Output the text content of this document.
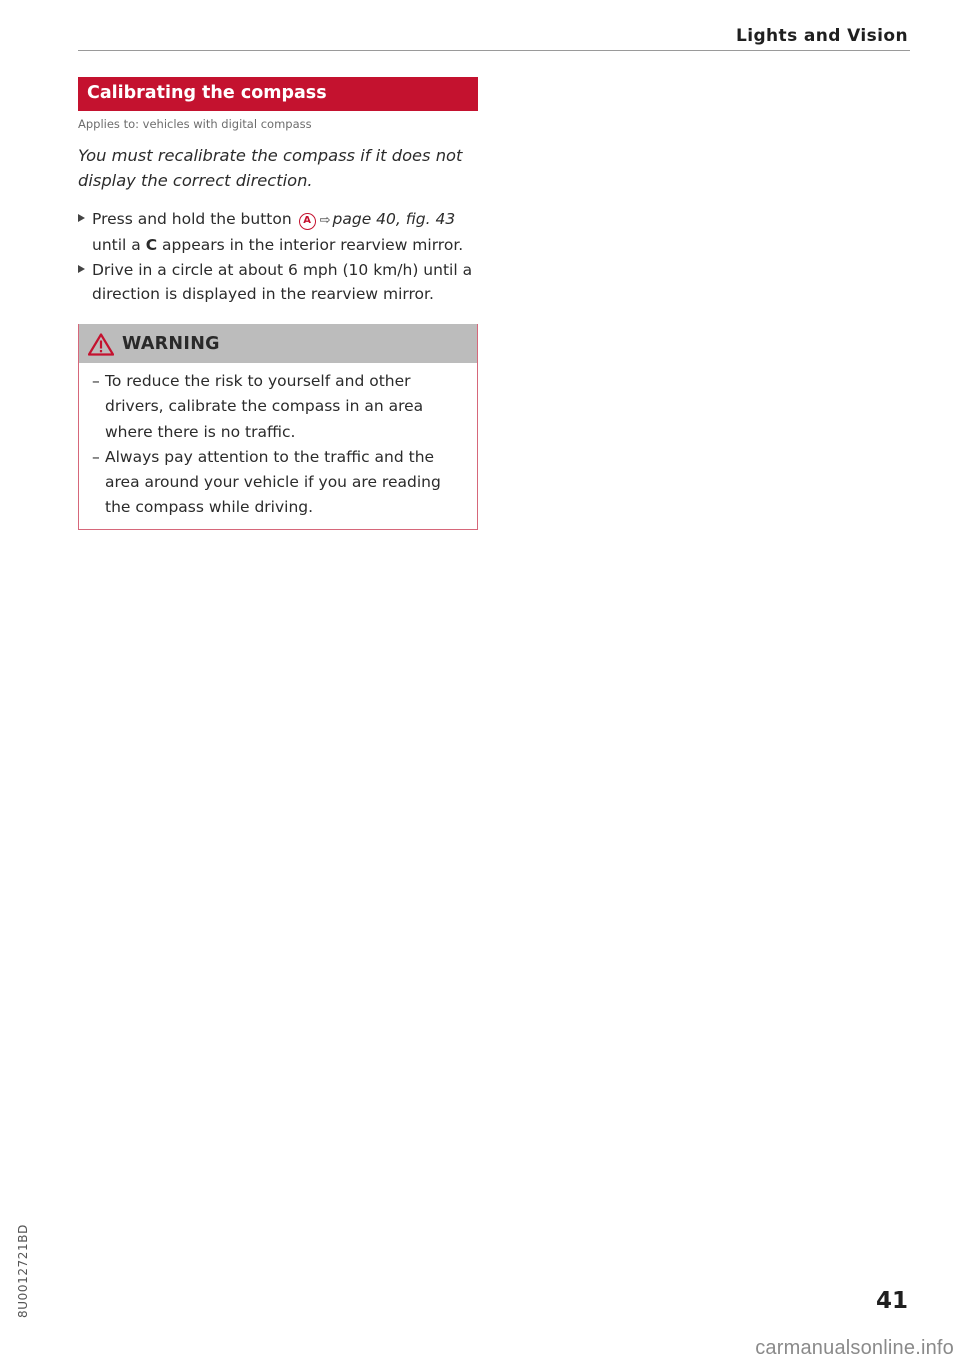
Lights and Vision
Calibrating the compass
Applies to: vehicles with digital compass
You must recalibrate the compass if it does not display the correct direction.
Press and hold the button A ⇨ page 40, fig. 43 until a C appears in the interior rearview mirror.
Drive in a circle at about 6 mph (10 km/h) until a direction is displayed in the rearview mirror.
WARNING
– To reduce the risk to yourself and other drivers, calibrate the compass in an area where there is no traffic.
– Always pay attention to the traffic and the area around your vehicle if you are reading the compass while driving.
8U0012721BD	41
carmanualsonline.info
